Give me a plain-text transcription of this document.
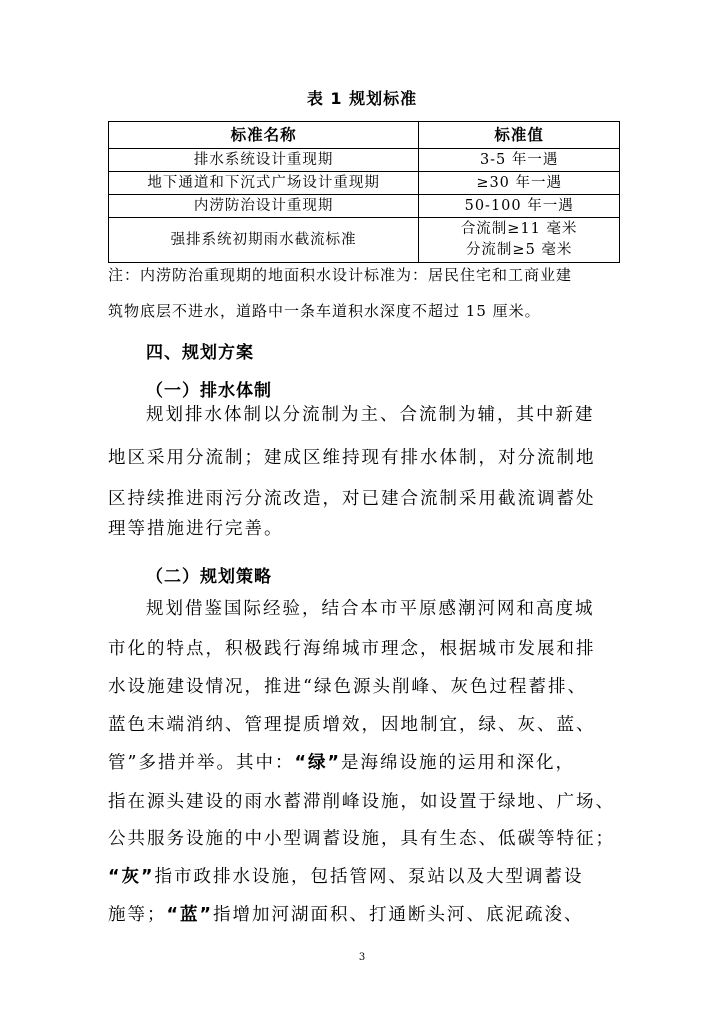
表 1 规划标准
标准名称	标准值
排水系统设计重现期	3-5 年一遇
地下通道和下沉式广场设计重现期	≥30 年一遇
内涝防治设计重现期	50-100 年一遇
强排系统初期雨水截流标准	合流制≥11 毫米
分流制≥5 毫米
注：内涝防治重现期的地面积水设计标准为：居民住宅和工商业建
筑物底层不进水，道路中一条车道积水深度不超过 15 厘米。
四、规划方案
（一）排水体制
规划排水体制以分流制为主、合流制为辅，其中新建
地区采用分流制；建成区维持现有排水体制，对分流制地
区持续推进雨污分流改造，对已建合流制采用截流调蓄处
理等措施进行完善。
（二）规划策略
规划借鉴国际经验，结合本市平原感潮河网和高度城
市化的特点，积极践行海绵城市理念，根据城市发展和排
水设施建设情况，推进“绿色源头削峰、灰色过程蓄排、
蓝色末端消纳、管理提质增效，因地制宜，绿、灰、蓝、
管”多措并举。其中：“绿”是海绵设施的运用和深化，
指在源头建设的雨水蓄滞削峰设施，如设置于绿地、广场、
公共服务设施的中小型调蓄设施，具有生态、低碳等特征；
“灰”指市政排水设施，包括管网、泵站以及大型调蓄设
施等；“蓝”指增加河湖面积、打通断头河、底泥疏浚、
3
